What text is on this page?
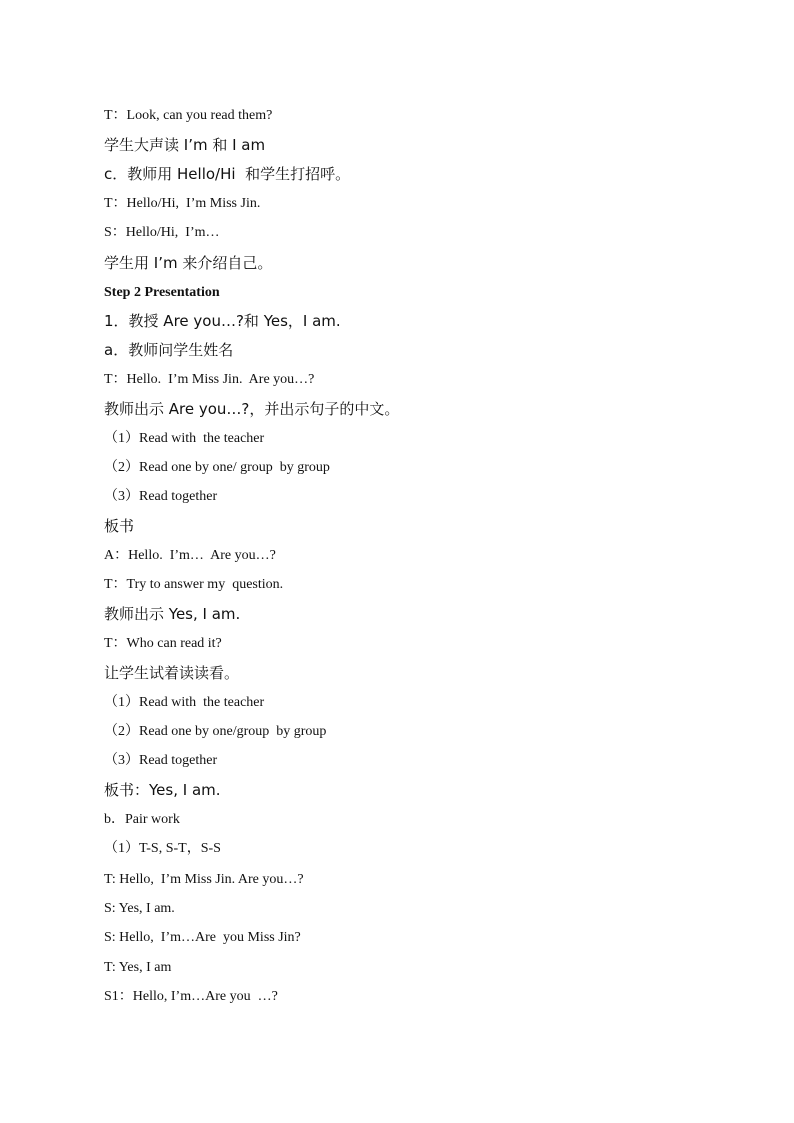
T：Look, can you read them?
学生大声读 I’m 和 I am
c．教师用 Hello/Hi  和学生打招呼。
T：Hello/Hi,  I’m Miss Jin.
S：Hello/Hi,  I’m…
学生用 I’m 来介绍自己。
Step 2 Presentation
1．教授 Are you…?和 Yes，I am.
a．教师问学生姓名
T：Hello.  I’m Miss Jin.  Are you…?
教师出示 Are you…?，并出示句子的中文。
（1）Read with  the teacher
（2）Read one by one/ group  by group
（3）Read together
板书
A：Hello.  I’m…  Are you…?
T：Try to answer my  question.
教师出示 Yes, I am.
T：Who can read it?
让学生试着读读看。
（1）Read with  the teacher
（2）Read one by one/group  by group
（3）Read together
板书：Yes, I am.
b．Pair work
（1）T-S, S-T，S-S
T: Hello,  I’m Miss Jin. Are you…?
S: Yes, I am.
S: Hello,  I’m…Are  you Miss Jin?
T: Yes, I am
S1：Hello, I’m…Are you  …?
